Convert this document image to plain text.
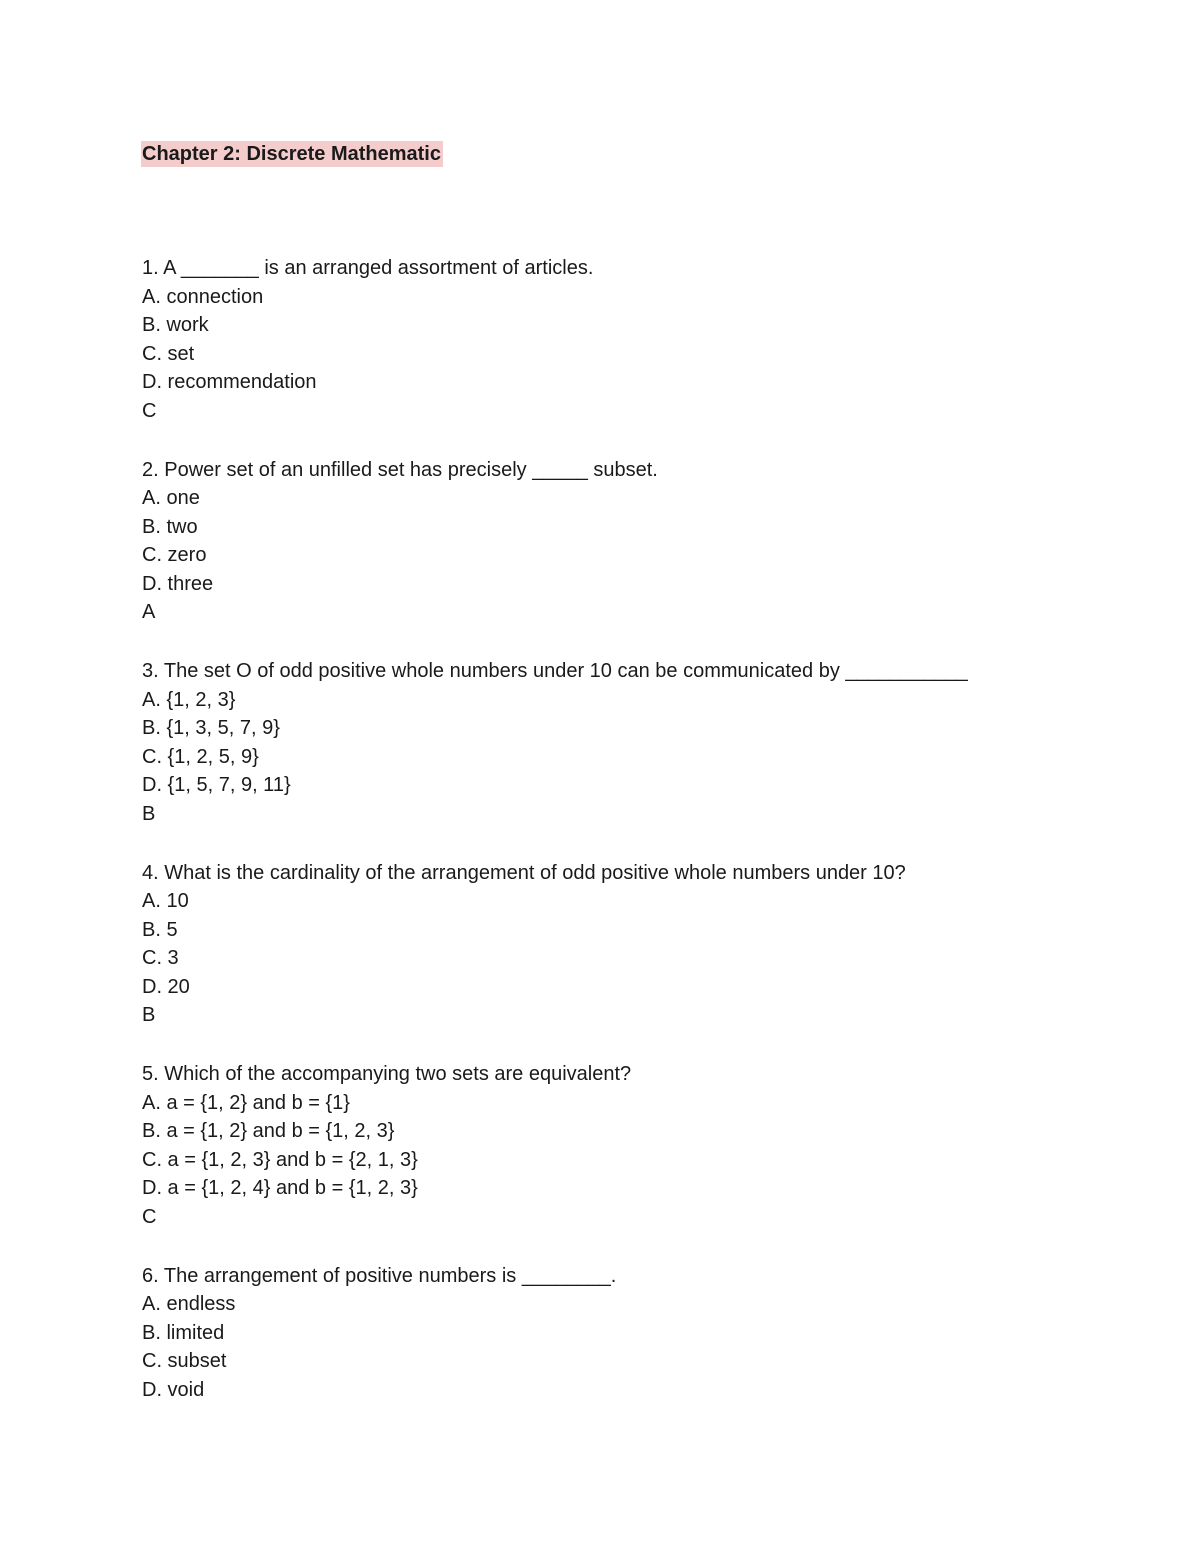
Chapter 2: Discrete Mathematic
1. A _______ is an arranged assortment of articles.
A. connection
B. work
C. set
D. recommendation
C
2. Power set of an unfilled set has precisely _____ subset.
A. one
B. two
C. zero
D. three
A
3. The set O of odd positive whole numbers under 10 can be communicated by ___________
A. {1, 2, 3}
B. {1, 3, 5, 7, 9}
C. {1, 2, 5, 9}
D. {1, 5, 7, 9, 11}
B
4. What is the cardinality of the arrangement of odd positive whole numbers under 10?
A. 10
B. 5
C. 3
D. 20
B
5. Which of the accompanying two sets are equivalent?
A. a = {1, 2} and b = {1}
B. a = {1, 2} and b = {1, 2, 3}
C. a = {1, 2, 3} and b = {2, 1, 3}
D. a = {1, 2, 4} and b = {1, 2, 3}
C
6. The arrangement of positive numbers is ________.
A. endless
B. limited
C. subset
D. void
